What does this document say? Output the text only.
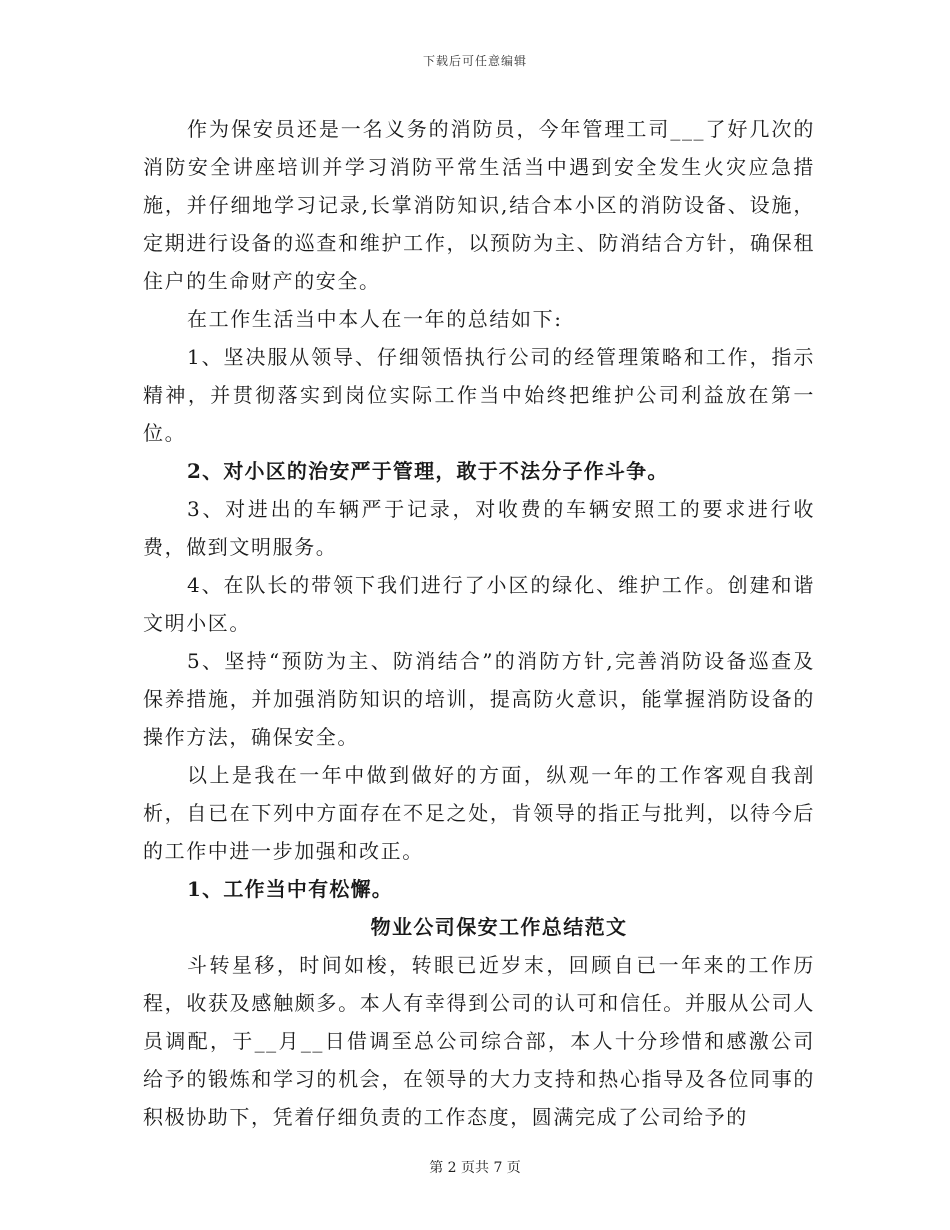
下载后可任意编辑

作为保安员还是一名义务的消防员，今年管理工司___了好几次的消防安全讲座培训并学习消防平常生活当中遇到安全发生火灾应急措施，并仔细地学习记录,长掌消防知识,结合本小区的消防设备、设施，定期进行设备的巡查和维护工作，以预防为主、防消结合方针，确保租住户的生命财产的安全。

在工作生活当中本人在一年的总结如下:

1、坚决服从领导、仔细领悟执行公司的经管理策略和工作，指示精神，并贯彻落实到岗位实际工作当中始终把维护公司利益放在第一位。

2、对小区的治安严于管理，敢于不法分子作斗争。

3、对进出的车辆严于记录，对收费的车辆安照工的要求进行收费，做到文明服务。

4、在队长的带领下我们进行了小区的绿化、维护工作。创建和谐文明小区。

5、坚持“预防为主、防消结合”的消防方针,完善消防设备巡查及保养措施，并加强消防知识的培训，提高防火意识，能掌握消防设备的操作方法，确保安全。

以上是我在一年中做到做好的方面，纵观一年的工作客观自我剖析，自已在下列中方面存在不足之处，肯领导的指正与批判，以待今后的工作中进一步加强和改正。

1、工作当中有松懈。

物业公司保安工作总结范文

斗转星移，时间如梭，转眼已近岁末，回顾自已一年来的工作历程，收获及感触颇多。本人有幸得到公司的认可和信任。并服从公司人员调配，于__月__日借调至总公司综合部，本人十分珍惜和感激公司给予的锻炼和学习的机会，在领导的大力支持和热心指导及各位同事的积极协助下，凭着仔细负责的工作态度，圆满完成了公司给予的

第 2 页共 7 页
